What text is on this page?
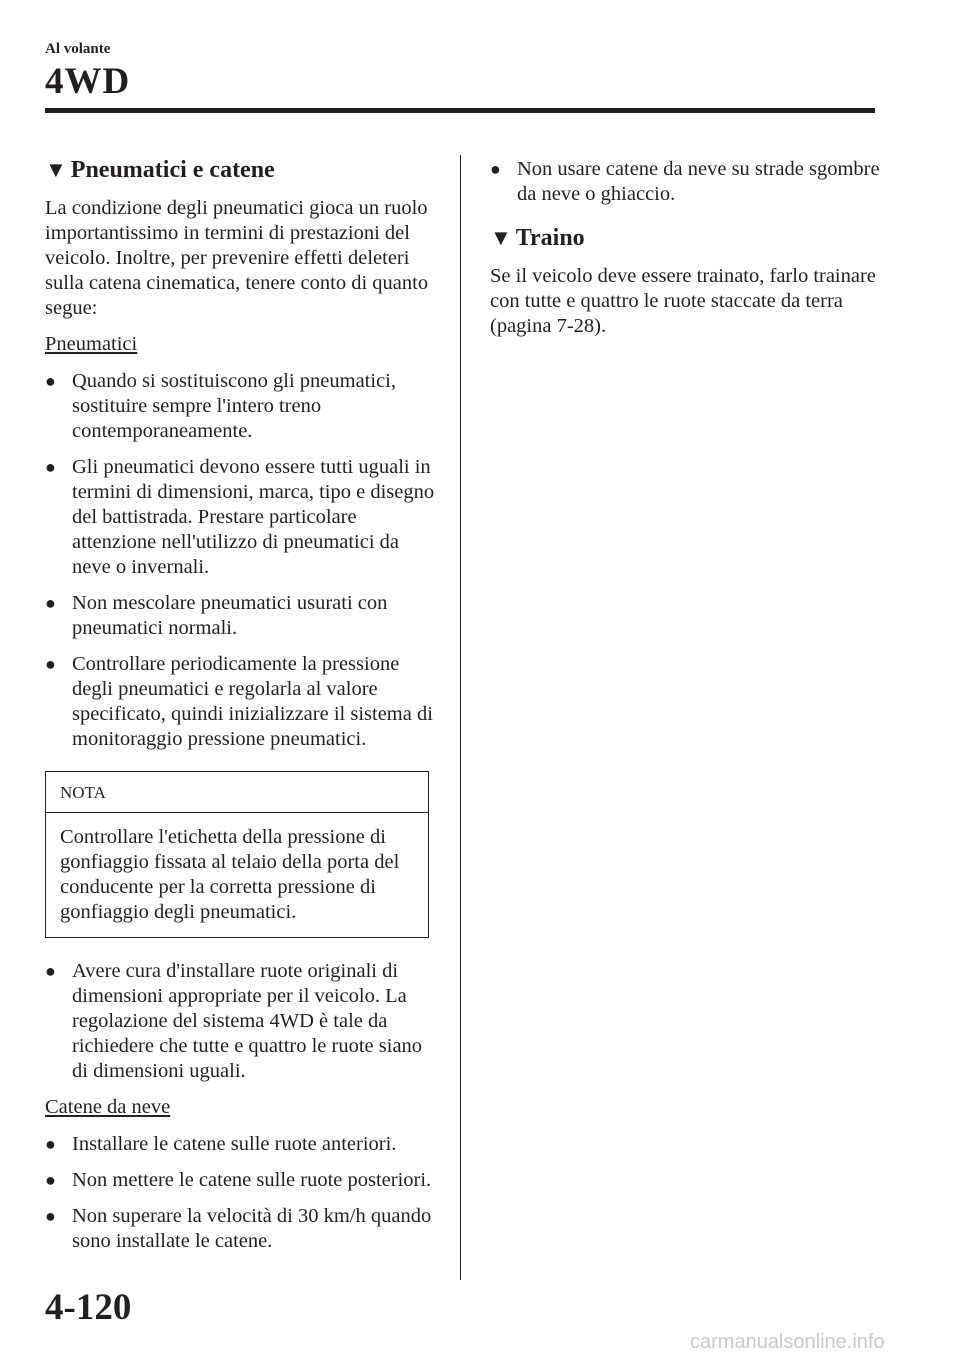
Al volante
4WD
▼ Pneumatici e catene

La condizione degli pneumatici gioca un ruolo importantissimo in termini di prestazioni del veicolo. Inoltre, per prevenire effetti deleteri sulla catena cinematica, tenere conto di quanto segue:

Pneumatici

● Quando si sostituiscono gli pneumatici, sostituire sempre l'intero treno contemporaneamente.
● Gli pneumatici devono essere tutti uguali in termini di dimensioni, marca, tipo e disegno del battistrada. Prestare particolare attenzione nell'utilizzo di pneumatici da neve o invernali.
● Non mescolare pneumatici usurati con pneumatici normali.
● Controllare periodicamente la pressione degli pneumatici e regolarla al valore specificato, quindi inizializzare il sistema di monitoraggio pressione pneumatici.
NOTA
Controllare l'etichetta della pressione di gonfiaggio fissata al telaio della porta del conducente per la corretta pressione di gonfiaggio degli pneumatici.
● Avere cura d'installare ruote originali di dimensioni appropriate per il veicolo. La regolazione del sistema 4WD è tale da richiedere che tutte e quattro le ruote siano di dimensioni uguali.

Catene da neve

● Installare le catene sulle ruote anteriori.
● Non mettere le catene sulle ruote posteriori.
● Non superare la velocità di 30 km/h quando sono installate le catene.
● Non usare catene da neve su strade sgombre da neve o ghiaccio.
▼ Traino

Se il veicolo deve essere trainato, farlo trainare con tutte e quattro le ruote staccate da terra (pagina 7-28).

4-120
carmanualsonline.info
